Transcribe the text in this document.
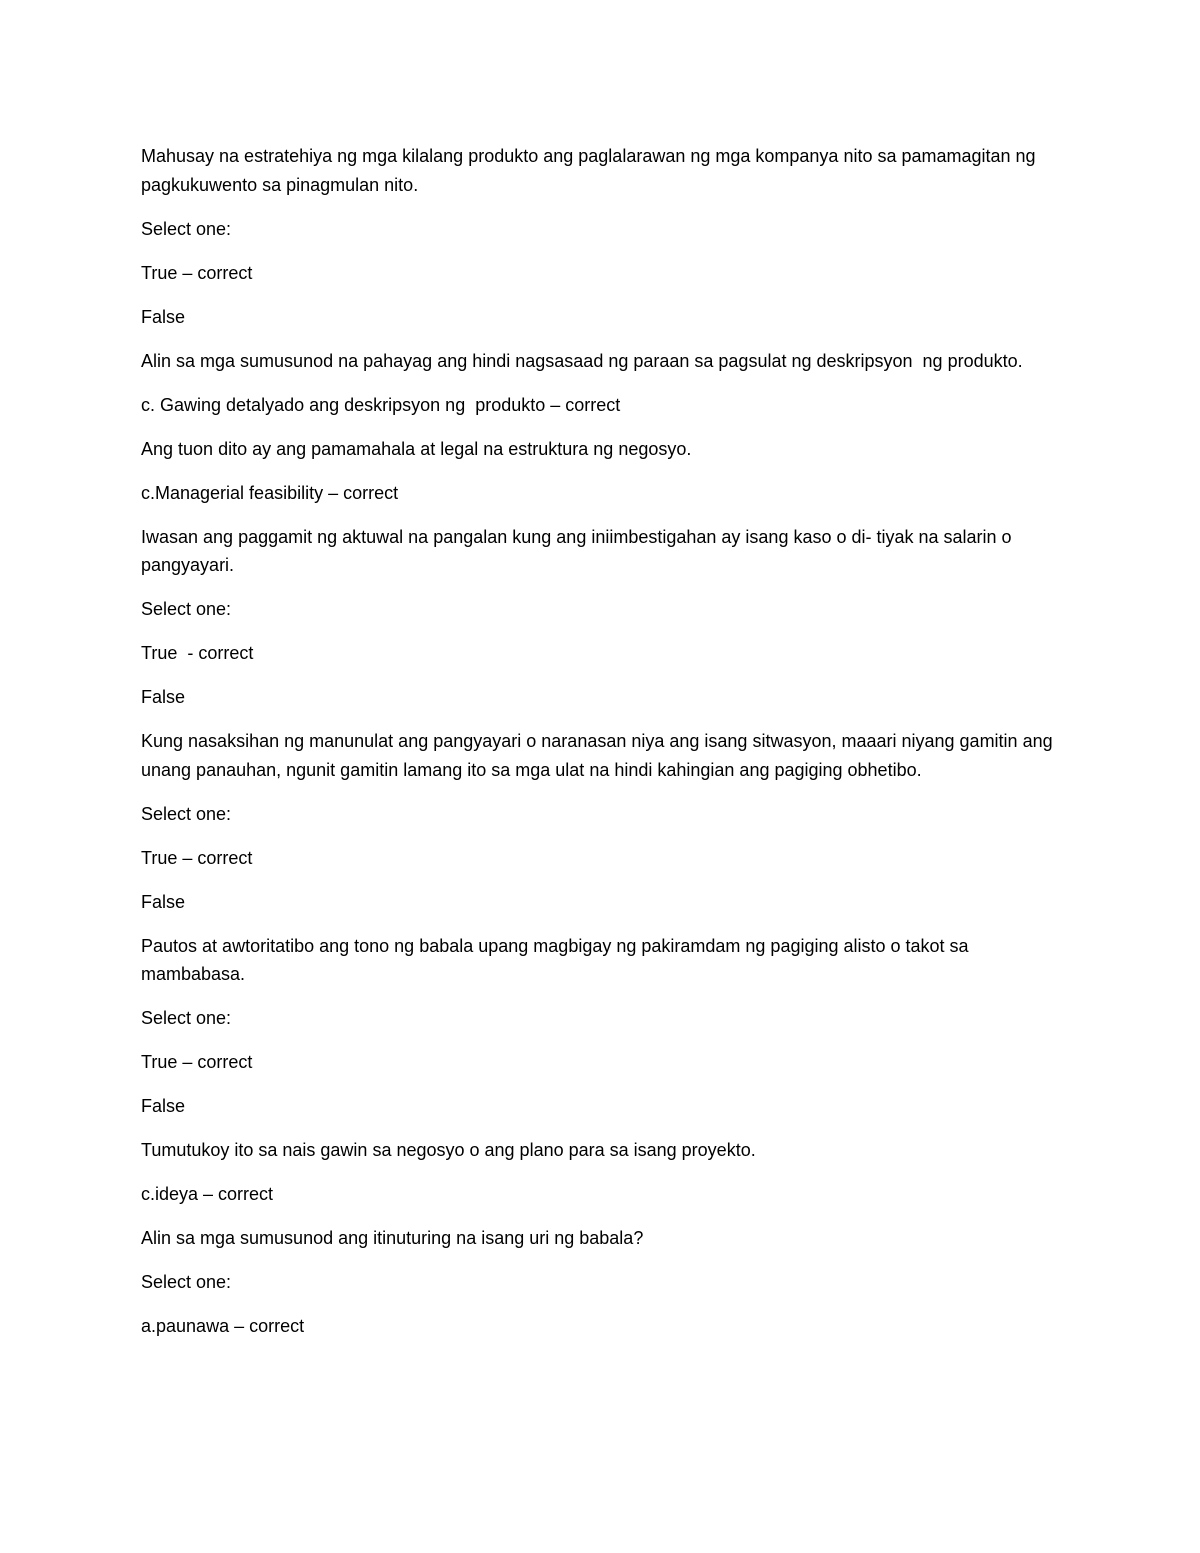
Mahusay na estratehiya ng mga kilalang produkto ang paglalarawan ng mga kompanya nito sa pamamagitan ng pagkukuwento sa pinagmulan nito.

Select one:

True – correct

False

Alin sa mga sumusunod na pahayag ang hindi nagsasaad ng paraan sa pagsulat ng deskripsyon  ng produkto.

c. Gawing detalyado ang deskripsyon ng  produkto – correct

Ang tuon dito ay ang pamamahala at legal na estruktura ng negosyo.

c.Managerial feasibility – correct

Iwasan ang paggamit ng aktuwal na pangalan kung ang iniimbestigahan ay isang kaso o di- tiyak na salarin o pangyayari.

Select one:

True  - correct

False

Kung nasaksihan ng manunulat ang pangyayari o naranasan niya ang isang sitwasyon, maaari niyang gamitin ang unang panauhan, ngunit gamitin lamang ito sa mga ulat na hindi kahingian ang pagiging obhetibo.

Select one:

True – correct

False

Pautos at awtoritatibo ang tono ng babala upang magbigay ng pakiramdam ng pagiging alisto o takot sa mambabasa.

Select one:

True – correct

False

Tumutukoy ito sa nais gawin sa negosyo o ang plano para sa isang proyekto.

c.ideya – correct

Alin sa mga sumusunod ang itinuturing na isang uri ng babala?

Select one:

a.paunawa – correct
